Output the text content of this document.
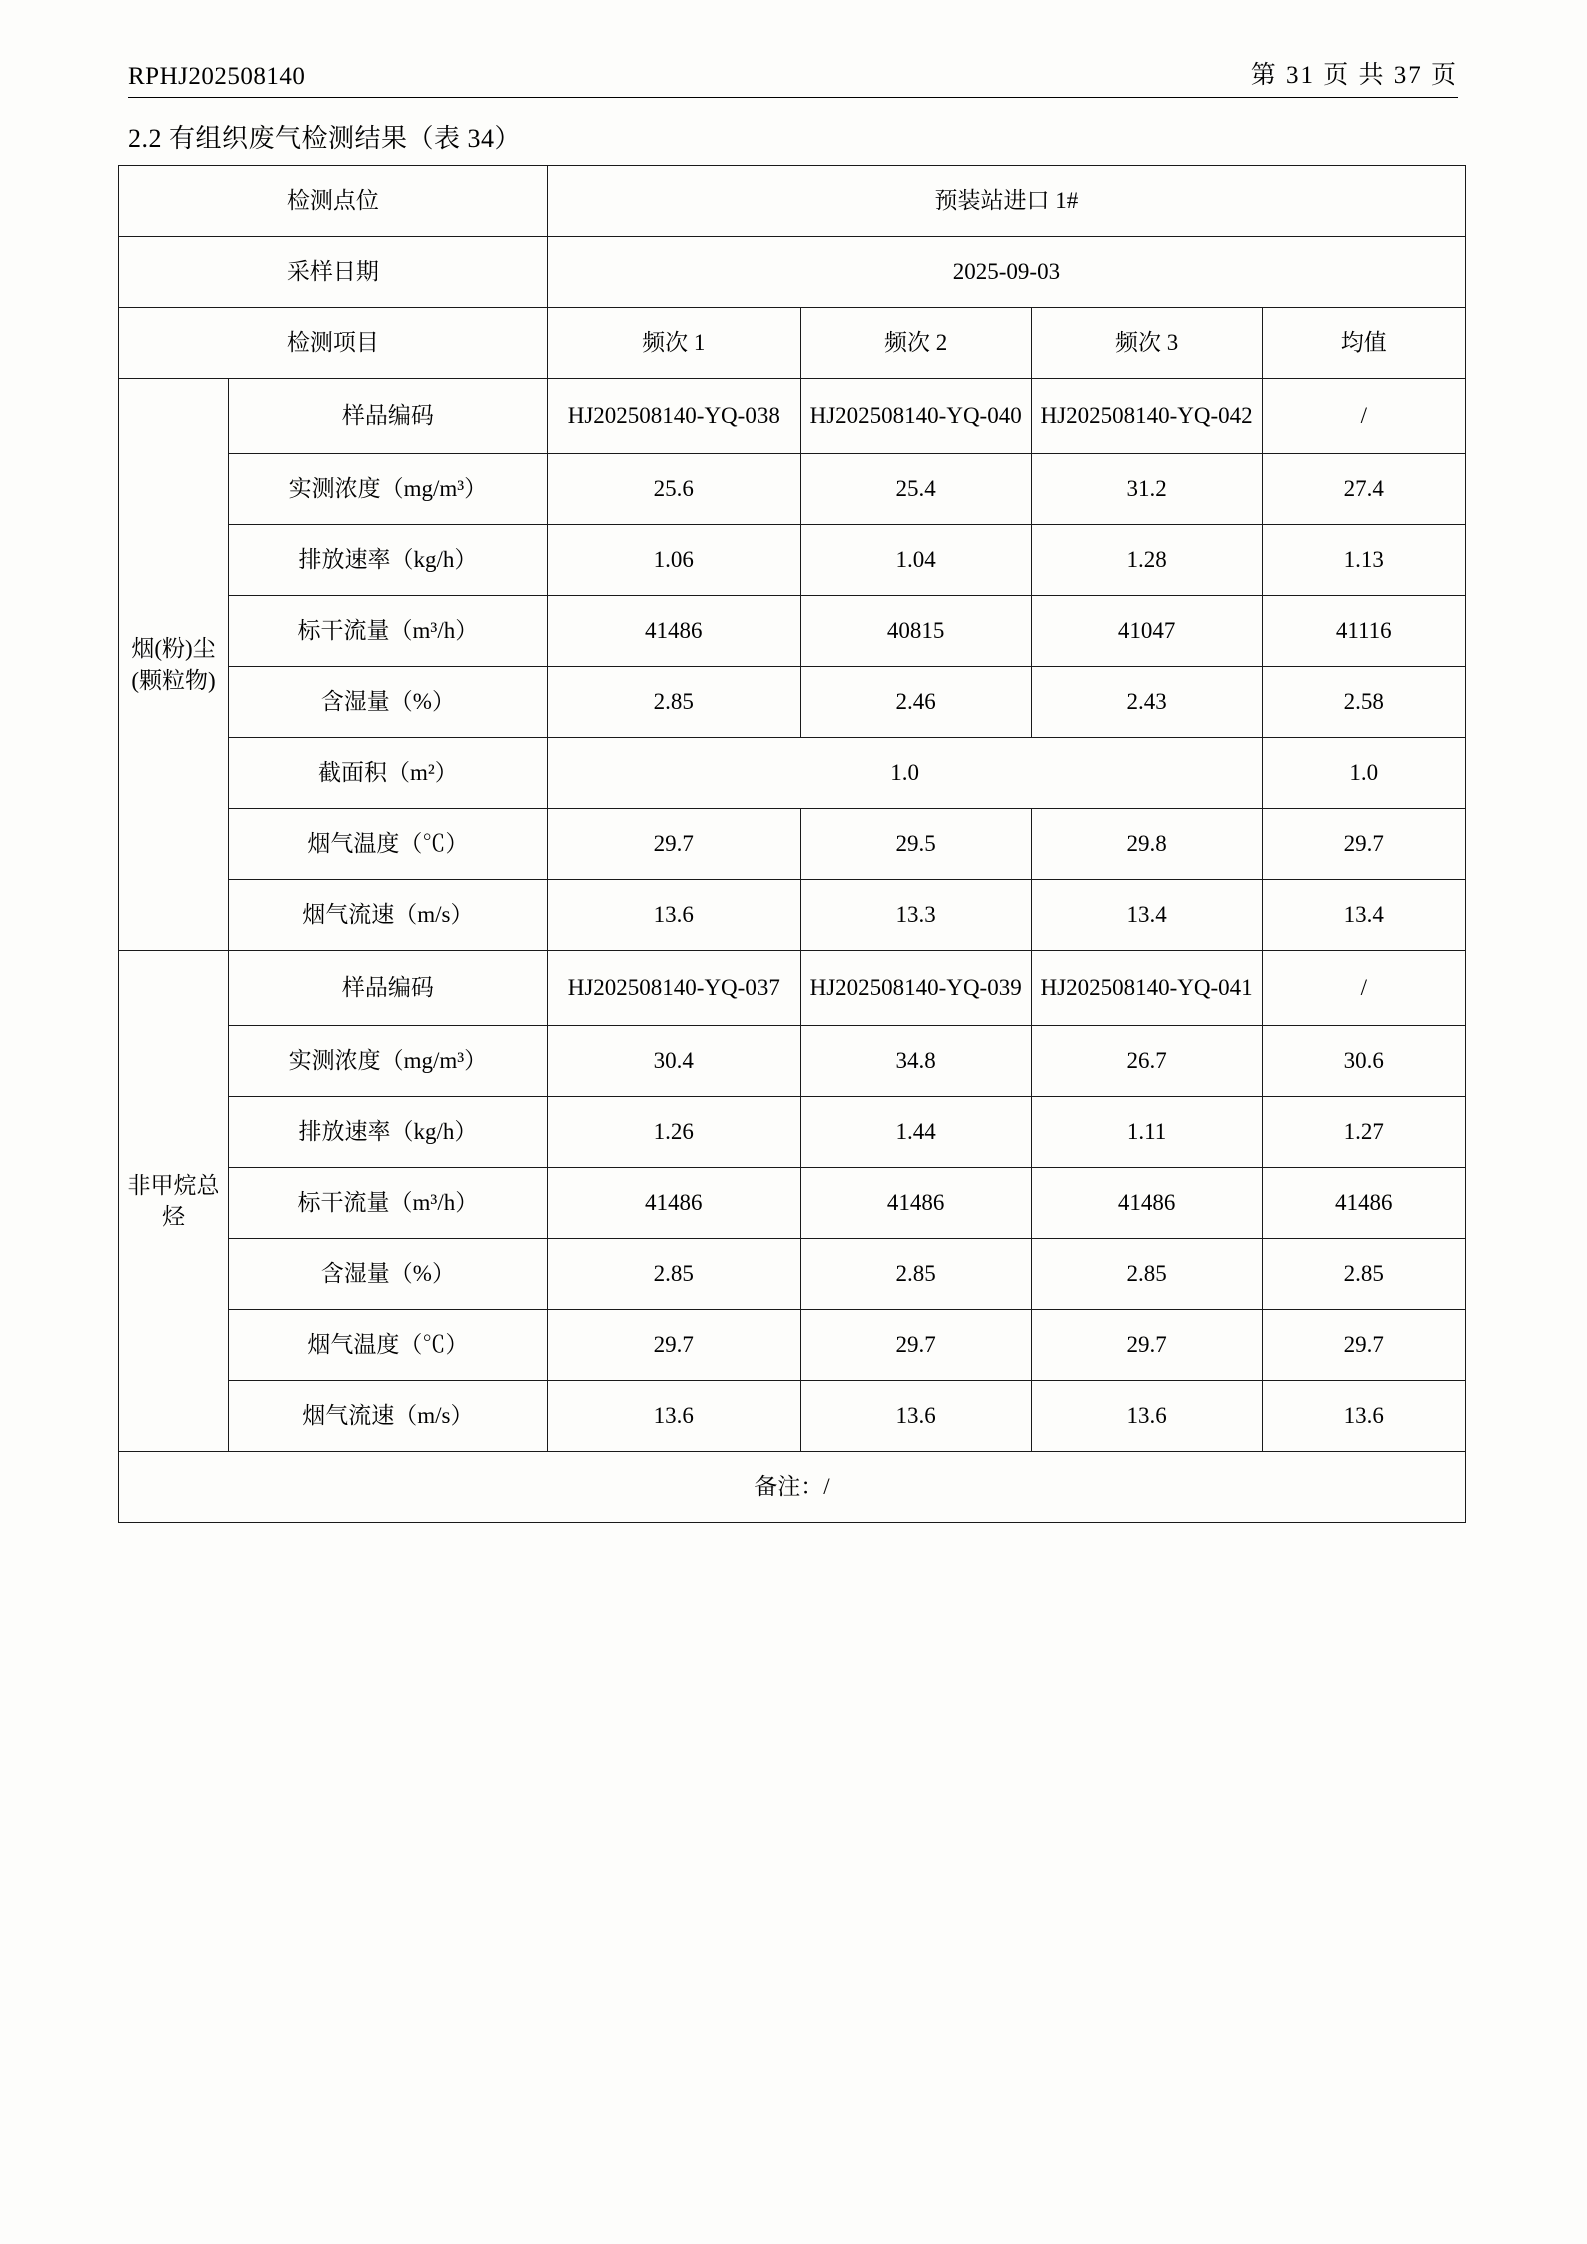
RPHJ202508140	第 31 页 共 37 页
2.2 有组织废气检测结果（表 34）
检测点位		预装站进口 1#			
采样日期		2025-09-03			
检测项目		频次 1	频次 2	频次 3	均值
烟(粉)尘(颗粒物)	样品编码	HJ202508140-YQ-038	HJ202508140-YQ-040	HJ202508140-YQ-042	/
	实测浓度（mg/m³）	25.6	25.4	31.2	27.4
	排放速率（kg/h）	1.06	1.04	1.28	1.13
	标干流量（m³/h）	41486	40815	41047	41116
	含湿量（%）	2.85	2.46	2.43	2.58
	截面积（m²）	1.0			1.0
	烟气温度（℃）	29.7	29.5	29.8	29.7
	烟气流速（m/s）	13.6	13.3	13.4	13.4
非甲烷总烃	样品编码	HJ202508140-YQ-037	HJ202508140-YQ-039	HJ202508140-YQ-041	/
	实测浓度（mg/m³）	30.4	34.8	26.7	30.6
	排放速率（kg/h）	1.26	1.44	1.11	1.27
	标干流量（m³/h）	41486	41486	41486	41486
	含湿量（%）	2.85	2.85	2.85	2.85
	烟气温度（℃）	29.7	29.7	29.7	29.7
	烟气流速（m/s）	13.6	13.6	13.6	13.6
备注：/					
